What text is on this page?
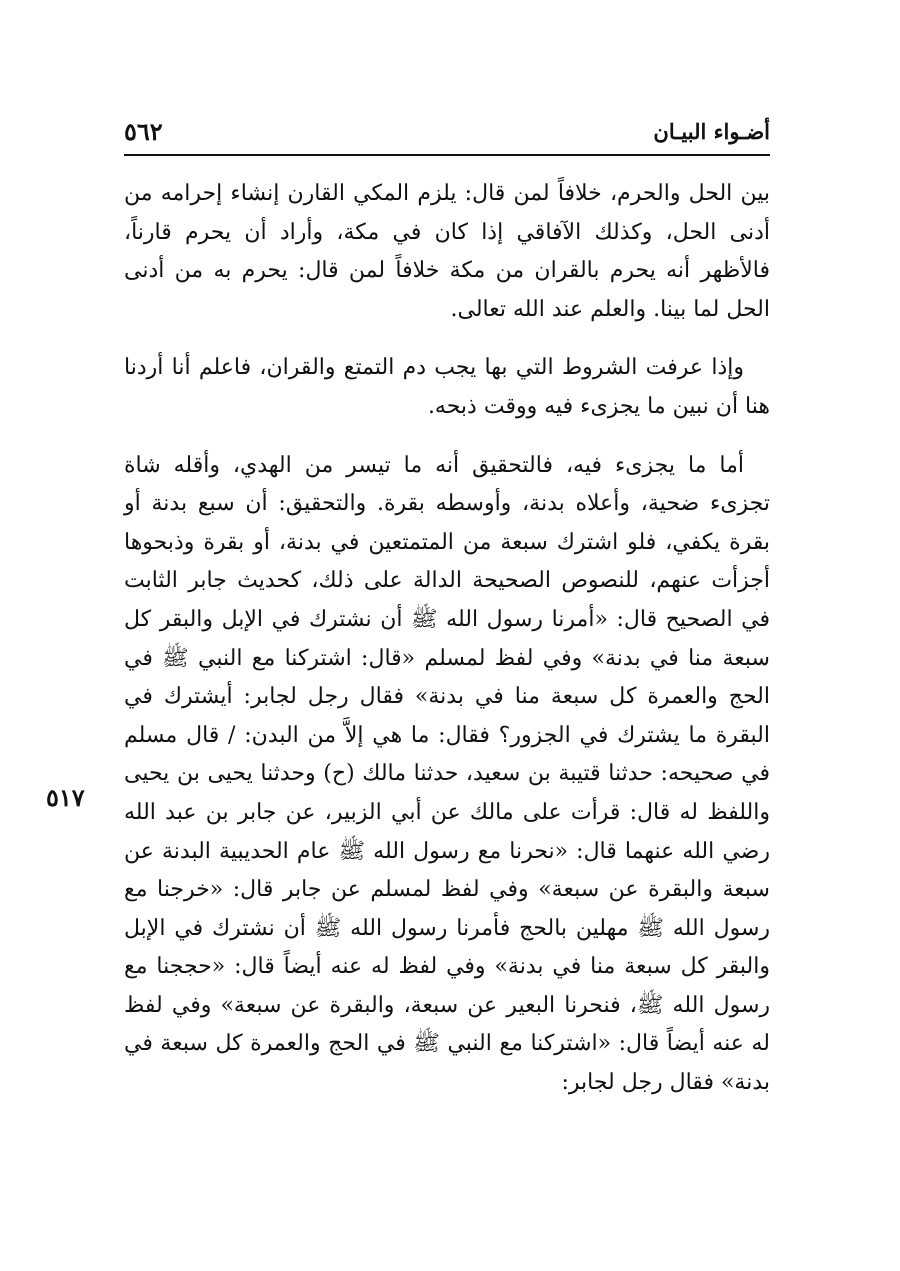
أضـواء البيـان
٥٦٢
٥١٧

بين الحل والحرم، خلافاً لمن قال: يلزم المكي القارن إنشاء إحرامه من أدنى الحل، وكذلك الآفاقي إذا كان في مكة، وأراد أن يحرم قارناً، فالأظهر أنه يحرم بالقران من مكة خلافاً لمن قال: يحرم به من أدنى الحل لما بينا. والعلم عند الله تعالى.

وإذا عرفت الشروط التي بها يجب دم التمتع والقران، فاعلم أنا أردنا هنا أن نبين ما يجزىء فيه ووقت ذبحه.

أما ما يجزىء فيه، فالتحقيق أنه ما تيسر من الهدي، وأقله شاة تجزىء ضحية، وأعلاه بدنة، وأوسطه بقرة. والتحقيق: أن سبع بدنة أو بقرة يكفي، فلو اشترك سبعة من المتمتعين في بدنة، أو بقرة وذبحوها أجزأت عنهم، للنصوص الصحيحة الدالة على ذلك، كحديث جابر الثابت في الصحيح قال: «أمرنا رسول الله ﷺ أن نشترك في الإبل والبقر كل سبعة منا في بدنة» وفي لفظ لمسلم «قال: اشتركنا مع النبي ﷺ في الحج والعمرة كل سبعة منا في بدنة» فقال رجل لجابر: أيشترك في البقرة ما يشترك في الجزور؟ فقال: ما هي إلاَّ من البدن: / قال مسلم في صحيحه: حدثنا قتيبة بن سعيد، حدثنا مالك (ح) وحدثنا يحيى بن يحيى واللفظ له قال: قرأت على مالك عن أبي الزبير، عن جابر بن عبد الله رضي الله عنهما قال: «نحرنا مع رسول الله ﷺ عام الحديبية البدنة عن سبعة والبقرة عن سبعة» وفي لفظ لمسلم عن جابر قال: «خرجنا مع رسول الله ﷺ مهلين بالحج فأمرنا رسول الله ﷺ أن نشترك في الإبل والبقر كل سبعة منا في بدنة» وفي لفظ له عنه أيضاً قال: «حججنا مع رسول الله ﷺ، فنحرنا البعير عن سبعة، والبقرة عن سبعة» وفي لفظ له عنه أيضاً قال: «اشتركنا مع النبي ﷺ في الحج والعمرة كل سبعة في بدنة» فقال رجل لجابر:
